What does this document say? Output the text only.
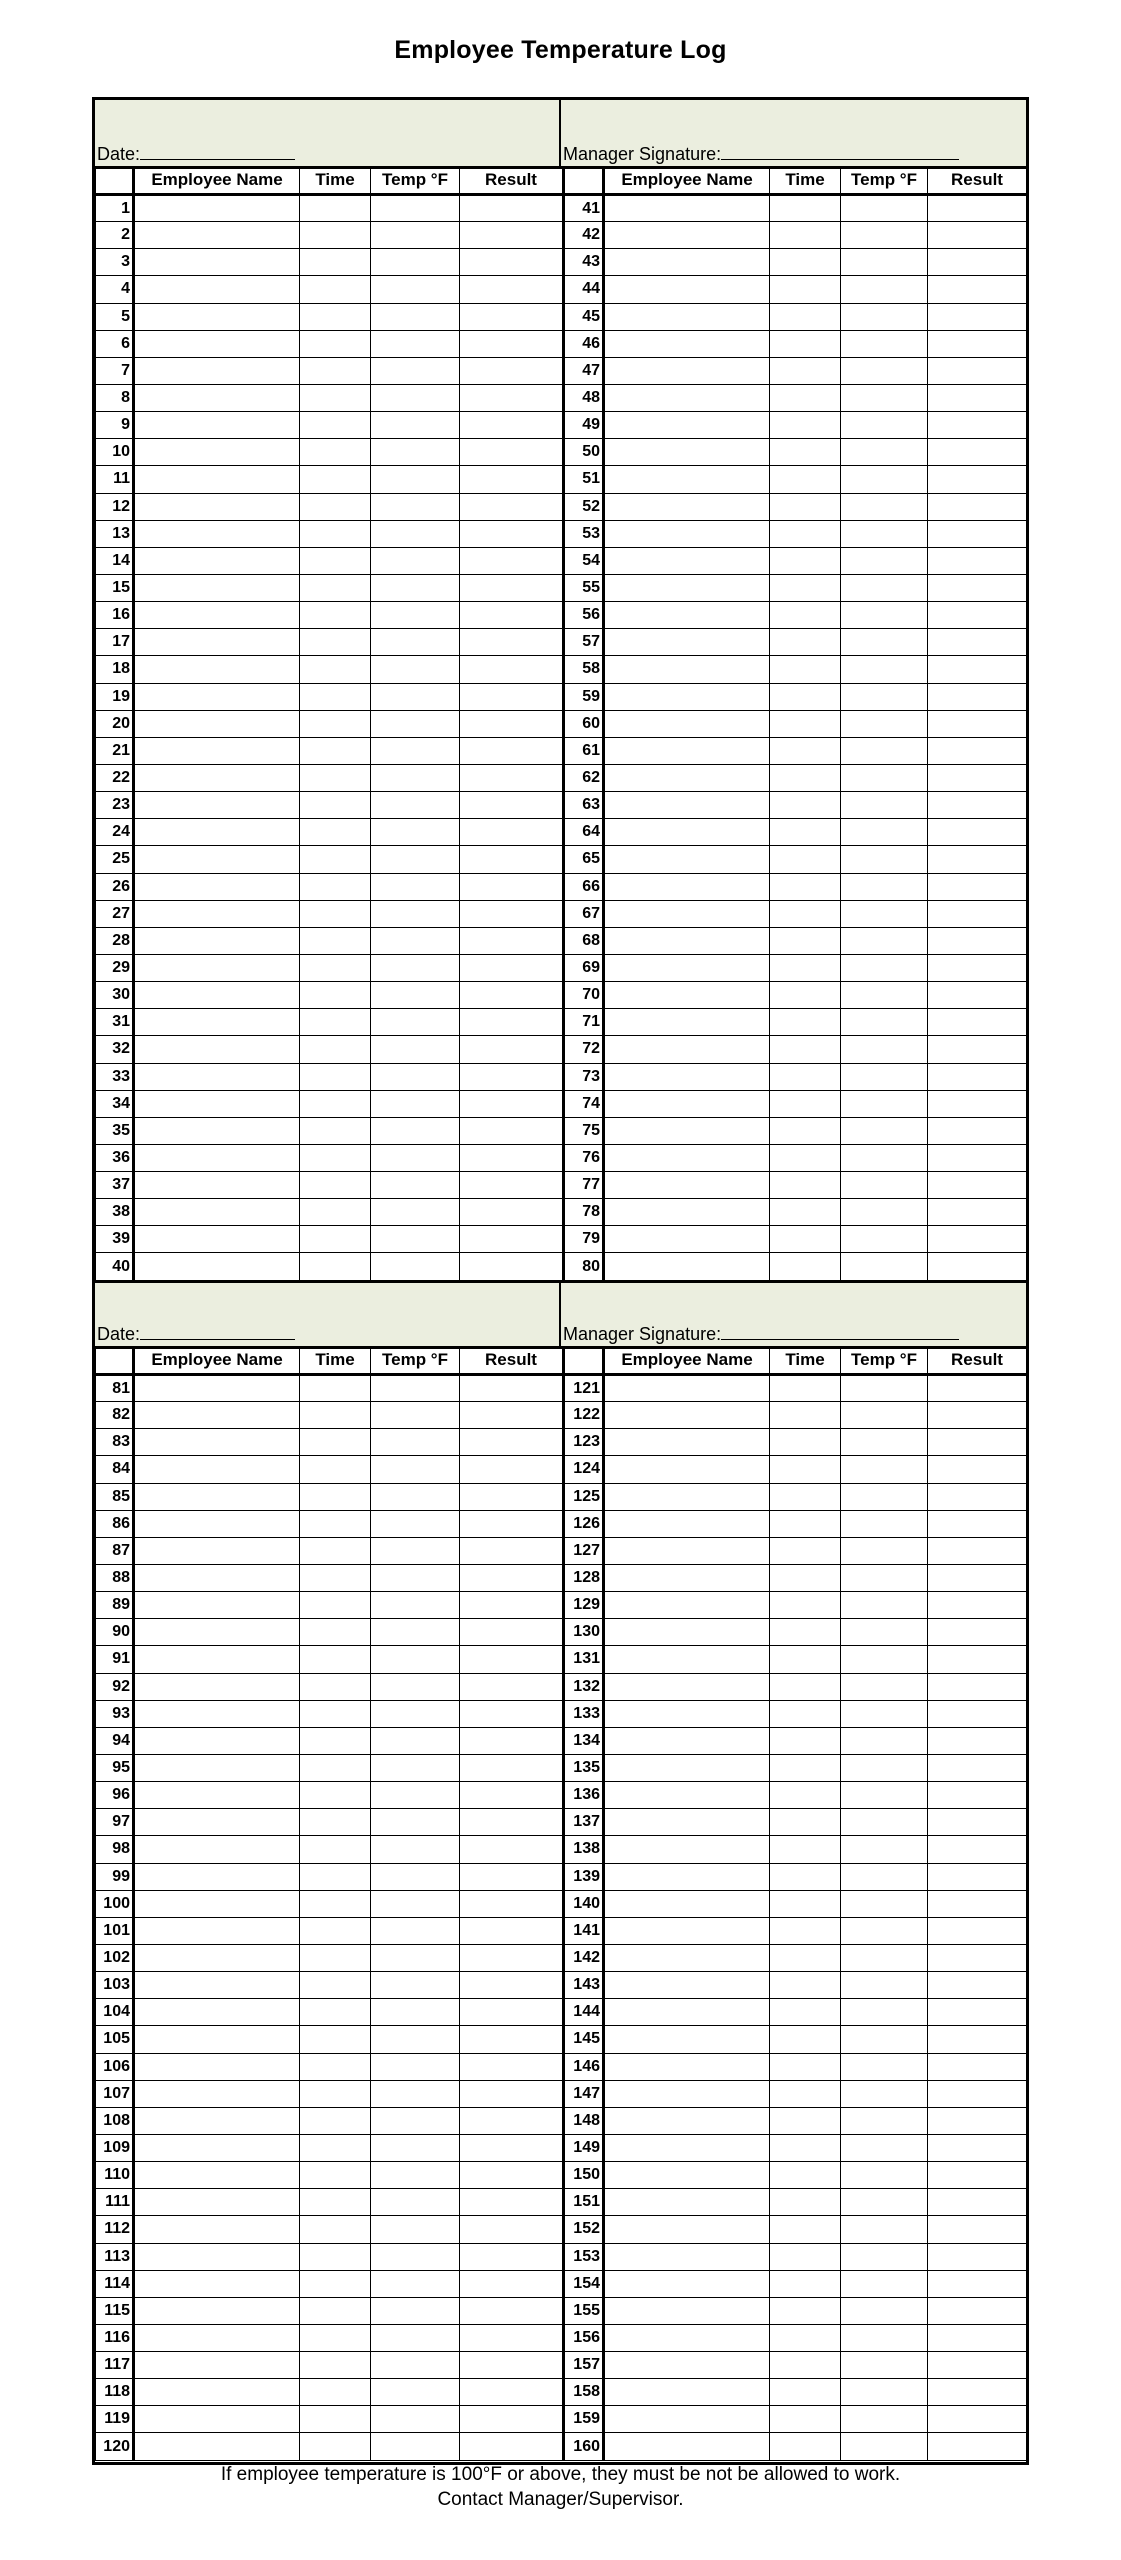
Employee Temperature Log
Date:	Manager Signature:
	Employee Name	Time	Temp °F	Result		Employee Name	Time	Temp °F	Result
1					41				
2					42				
3					43				
4					44				
5					45				
6					46				
7					47				
8					48				
9					49				
10					50				
11					51				
12					52				
13					53				
14					54				
15					55				
16					56				
17					57				
18					58				
19					59				
20					60				
21					61				
22					62				
23					63				
24					64				
25					65				
26					66				
27					67				
28					68				
29					69				
30					70				
31					71				
32					72				
33					73				
34					74				
35					75				
36					76				
37					77				
38					78				
39					79				
40					80				
Date:	Manager Signature:
	Employee Name	Time	Temp °F	Result		Employee Name	Time	Temp °F	Result
81					121				
82					122				
83					123				
84					124				
85					125				
86					126				
87					127				
88					128				
89					129				
90					130				
91					131				
92					132				
93					133				
94					134				
95					135				
96					136				
97					137				
98					138				
99					139				
100					140				
101					141				
102					142				
103					143				
104					144				
105					145				
106					146				
107					147				
108					148				
109					149				
110					150				
111					151				
112					152				
113					153				
114					154				
115					155				
116					156				
117					157				
118					158				
119					159				
120					160				
If employee temperature is 100°F or above, they must be not be allowed to work.
Contact Manager/Supervisor.
